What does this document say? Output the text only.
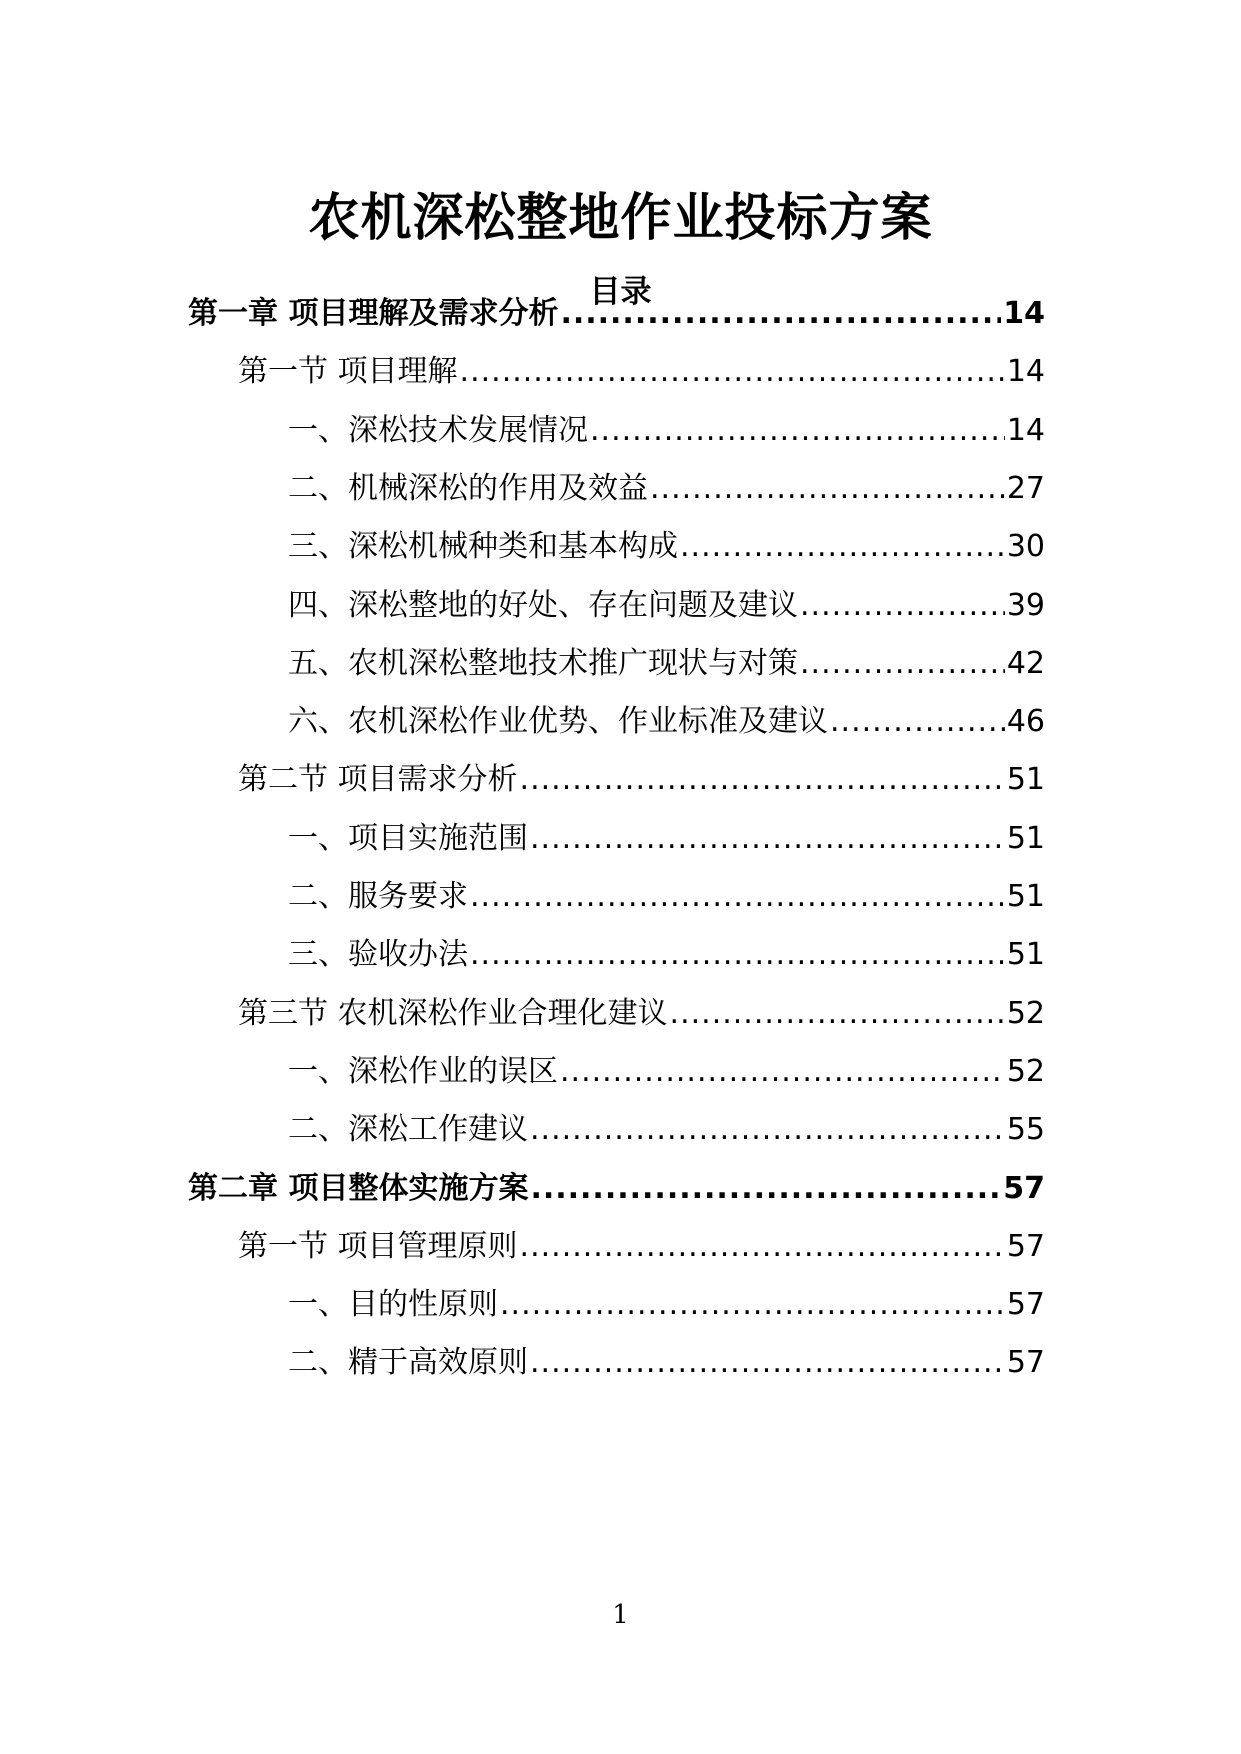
农机深松整地作业投标方案
目录
第一章 项目理解及需求分析 .....	14
第一节 项目理解 .....	14
一、深松技术发展情况 .....	14
二、机械深松的作用及效益 .....	27
三、深松机械种类和基本构成 .....	30
四、深松整地的好处、存在问题及建议 .....	39
五、农机深松整地技术推广现状与对策 .....	42
六、农机深松作业优势、作业标准及建议 .....	46
第二节 项目需求分析 .....	51
一、项目实施范围 .....	51
二、服务要求 .....	51
三、验收办法 .....	51
第三节 农机深松作业合理化建议 .....	52
一、深松作业的误区 .....	52
二、深松工作建议 .....	55
第二章 项目整体实施方案 .....	57
第一节 项目管理原则 .....	57
一、目的性原则 .....	57
二、精于高效原则 .....	57
1
